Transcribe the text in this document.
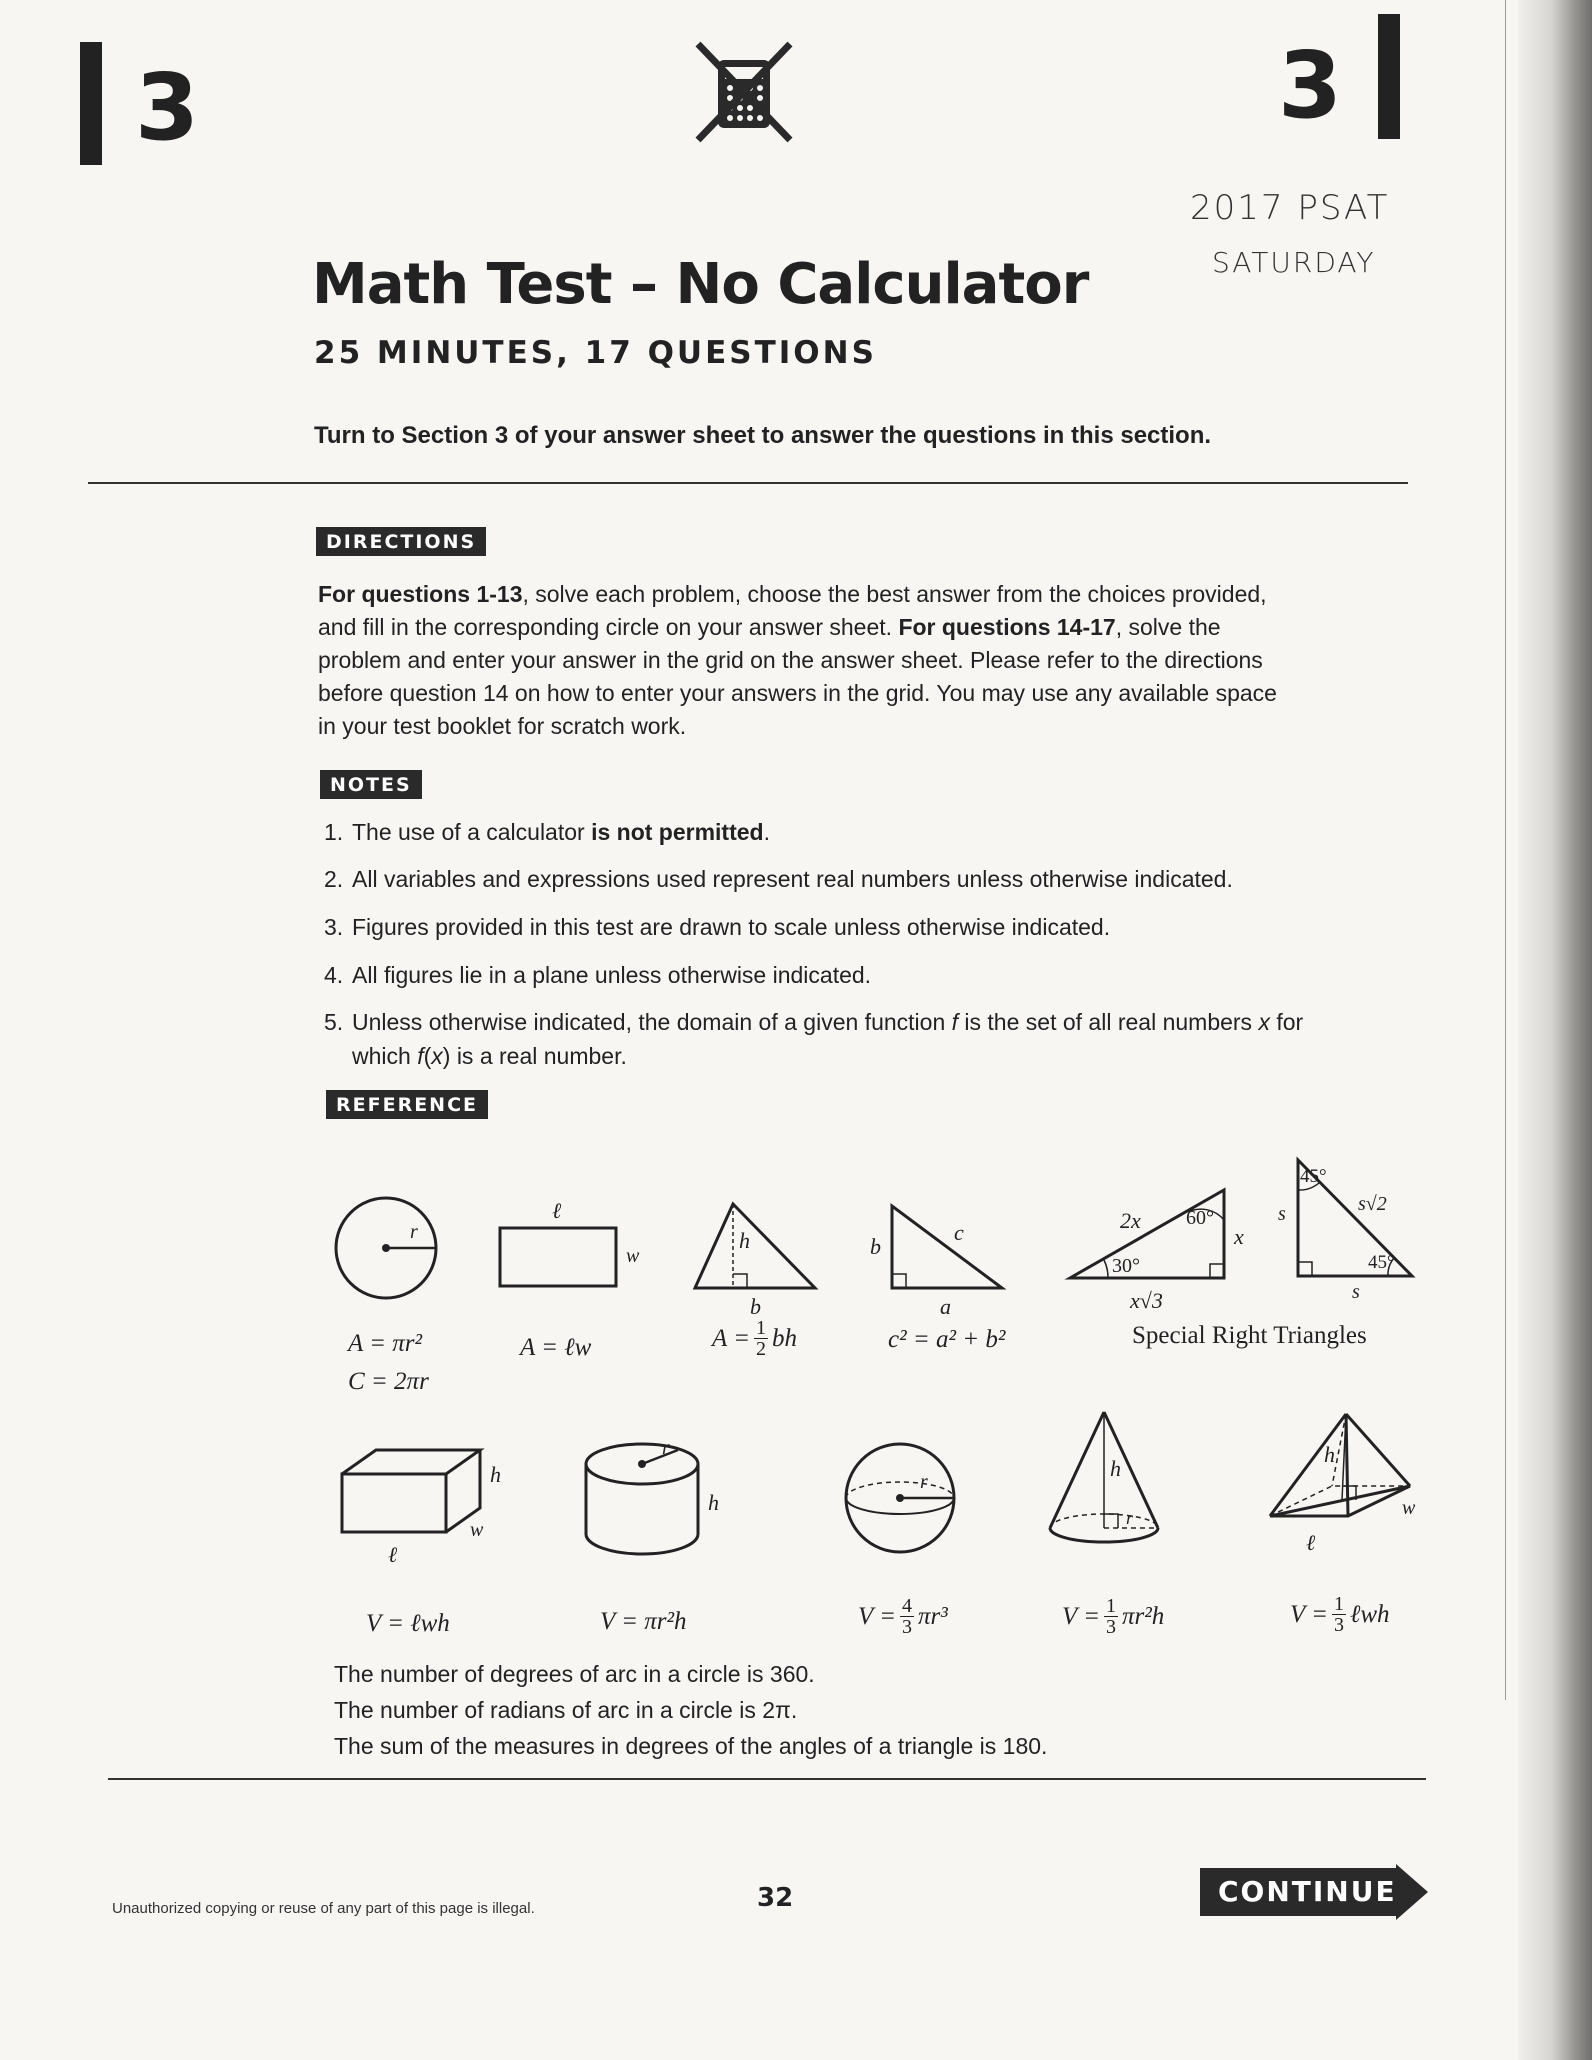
3	3
2017 PSAT
SATURDAY
Math Test – No Calculator
25 MINUTES, 17 QUESTIONS
Turn to Section 3 of your answer sheet to answer the questions in this section.
DIRECTIONS
For questions 1-13, solve each problem, choose the best answer from the choices provided, and fill in the corresponding circle on your answer sheet. For questions 14-17, solve the problem and enter your answer in the grid on the answer sheet. Please refer to the directions before question 14 on how to enter your answers in the grid. You may use any available space in your test booklet for scratch work.
NOTES
1. The use of a calculator is not permitted.
2. All variables and expressions used represent real numbers unless otherwise indicated.
3. Figures provided in this test are drawn to scale unless otherwise indicated.
4. All figures lie in a plane unless otherwise indicated.
5. Unless otherwise indicated, the domain of a given function f is the set of all real numbers x for
which f(x) is a real number.
REFERENCE
r
ℓ
w
h
b
b
c
a
2x 60°
x
30°
x√3
s
45°
s√2
45°
s
A = πr²
C = 2πr
A = ℓw	$A = \frac{1}{2}$ bh	c² = a² + b²	Special Right Triangles
h
w
ℓ
r
h
r
h
r
h
w
ℓ
V = ℓwh	V = πr²h	$V = \frac{4}{3} \pi r^3$	$V = \frac{1}{3} \pi r^2h$	$V = \frac{1}{3}$ ℓwh
The number of degrees of arc in a circle is 360.
The number of radians of arc in a circle is 2π.
The sum of the measures in degrees of the angles of a triangle is 180.
Unauthorized copying or reuse of any part of this page is illegal.	32	CONTINUE
